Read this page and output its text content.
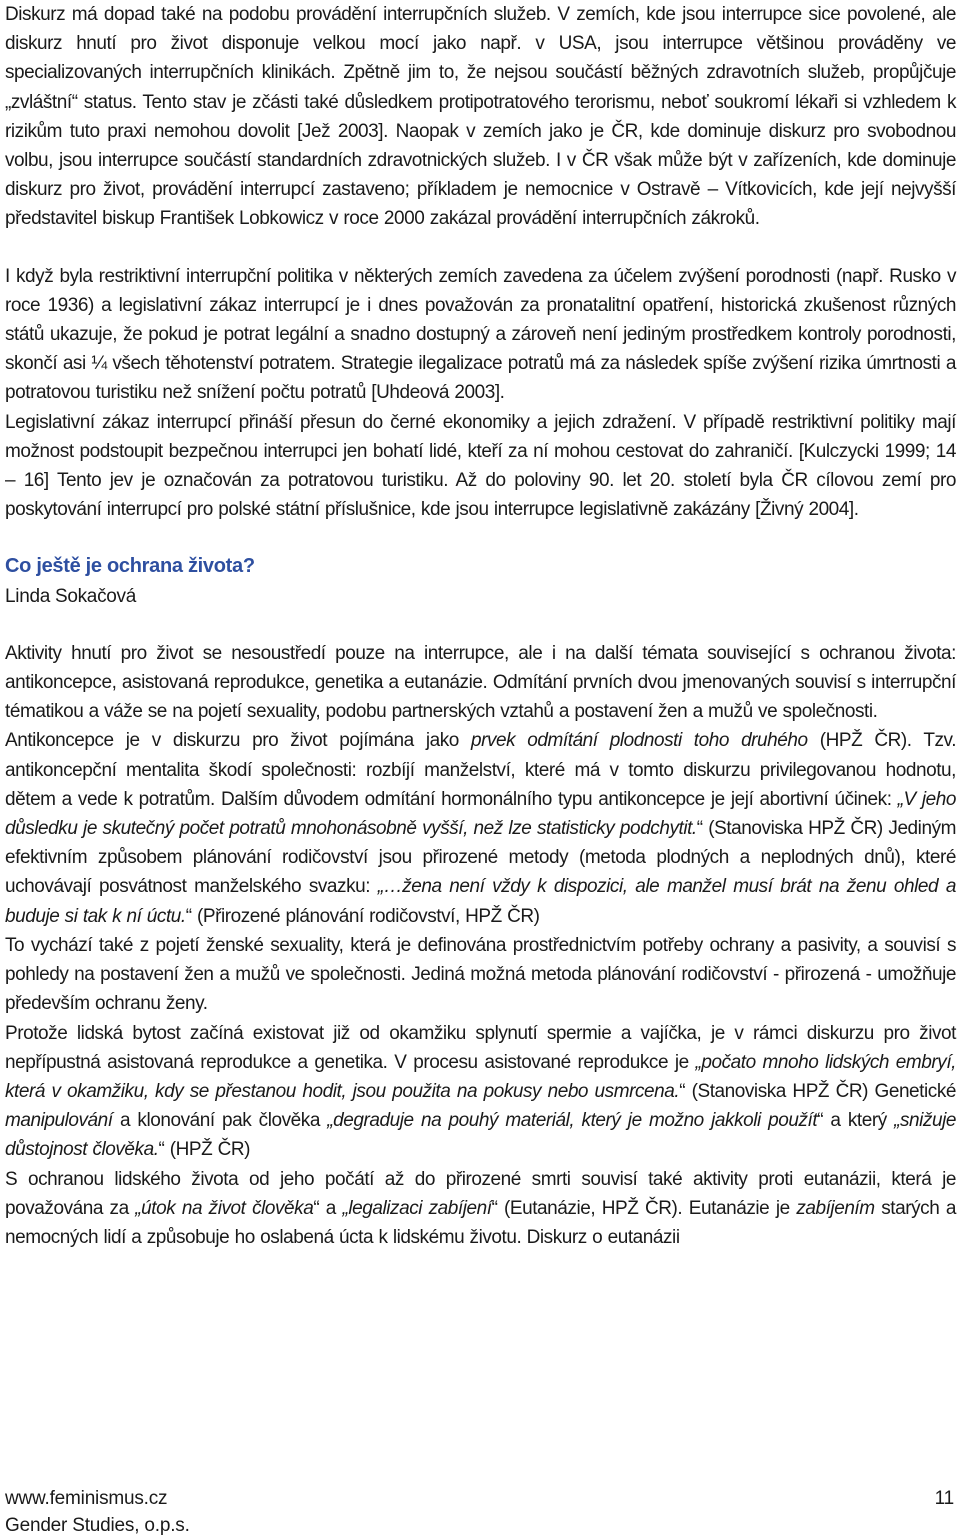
Diskurz má dopad také na podobu provádění interrupčních služeb. V zemích, kde jsou interrupce sice povolené, ale diskurz hnutí pro život disponuje velkou mocí jako např. v USA, jsou interrupce většinou prováděny ve specializovaných interrupčních klinikách. Zpětně jim to, že nejsou součástí běžných zdravotních služeb, propůjčuje „zvláštní“ status. Tento stav je zčásti také důsledkem protipotratového terorismu, neboť soukromí lékaři si vzhledem k rizikům tuto praxi nemohou dovolit [Jež 2003]. Naopak v zemích jako je ČR, kde dominuje diskurz pro svobodnou volbu, jsou interrupce součástí standardních zdravotnických služeb. I v ČR však může být v zařízeních, kde dominuje diskurz pro život, provádění interrupcí zastaveno; příkladem je nemocnice v Ostravě – Vítkovicích, kde její nejvyšší představitel biskup František Lobkowicz v roce 2000 zakázal provádění interrupčních zákroků.

I když byla restriktivní interrupční politika v některých zemích zavedena za účelem zvýšení porodnosti (např. Rusko v roce 1936) a legislativní zákaz interrupcí je i dnes považován za pronatalitní opatření, historická zkušenost různých států ukazuje, že pokud je potrat legální a snadno dostupný a zároveň není jediným prostředkem kontroly porodnosti, skončí asi ¼ všech těhotenství potratem. Strategie ilegalizace potratů má za následek spíše zvýšení rizika úmrtnosti a potratovou turistiku než snížení počtu potratů [Uhdeová 2003].

Legislativní zákaz interrupcí přináší přesun do černé ekonomiky a jejich zdražení. V případě restriktivní politiky mají možnost podstoupit bezpečnou interrupci jen bohatí lidé, kteří za ní mohou cestovat do zahraničí. [Kulczycki 1999; 14 – 16] Tento jev je označován za potratovou turistiku. Až do poloviny 90. let 20. století byla ČR cílovou zemí pro poskytování interrupcí pro polské státní příslušnice, kde jsou interrupce legislativně zakázány [Živný 2004].

Co ještě je ochrana života?

Linda Sokačová

Aktivity hnutí pro život se nesoustředí pouze na interrupce, ale i na další témata související s ochranou života: antikoncepce, asistovaná reprodukce, genetika a eutanázie. Odmítání prvních dvou jmenovaných souvisí s interrupční tématikou a váže se na pojetí sexuality, podobu partnerských vztahů a postavení žen a mužů ve společnosti.

Antikoncepce je v diskurzu pro život pojímána jako prvek odmítání plodnosti toho druhého (HPŽ ČR). Tzv. antikoncepční mentalita škodí společnosti: rozbíjí manželství, které má v tomto diskurzu privilegovanou hodnotu, dětem a vede k potratům. Dalším důvodem odmítání hormonálního typu antikoncepce je její abortivní účinek: „V jeho důsledku je skutečný počet potratů mnohonásobně vyšší, než lze statisticky podchytit.“ (Stanoviska HPŽ ČR) Jediným efektivním způsobem plánování rodičovství jsou přirozené metody (metoda plodných a neplodných dnů), které uchovávají posvátnost manželského svazku: „…žena není vždy k dispozici, ale manžel musí brát na ženu ohled a buduje si tak k ní úctu.“ (Přirozené plánování rodičovství, HPŽ ČR)

To vychází také z pojetí ženské sexuality, která je definována prostřednictvím potřeby ochrany a pasivity, a souvisí s pohledy na postavení žen a mužů ve společnosti. Jediná možná metoda plánování rodičovství - přirozená - umožňuje především ochranu ženy.

Protože lidská bytost začíná existovat již od okamžiku splynutí spermie a vajíčka, je v rámci diskurzu pro život nepřípustná asistovaná reprodukce a genetika. V procesu asistované reprodukce je „počato mnoho lidských embryí, která v okamžiku, kdy se přestanou hodit, jsou použita na pokusy nebo usmrcena.“ (Stanoviska HPŽ ČR) Genetické manipulování a klonování pak člověka „degraduje na pouhý materiál, který je možno jakkoli použít“ a který „snižuje důstojnost člověka.“ (HPŽ ČR)

S ochranou lidského života od jeho počátí až do přirozené smrti souvisí také aktivity proti eutanázii, která je považována za „útok na život člověka“ a „legalizaci zabíjení“ (Eutanázie, HPŽ ČR). Eutanázie je zabíjením starých a nemocných lidí a způsobuje ho oslabená úcta k lidskému životu. Diskurz o eutanázii

www.feminismus.cz
Gender Studies, o.p.s.
11
